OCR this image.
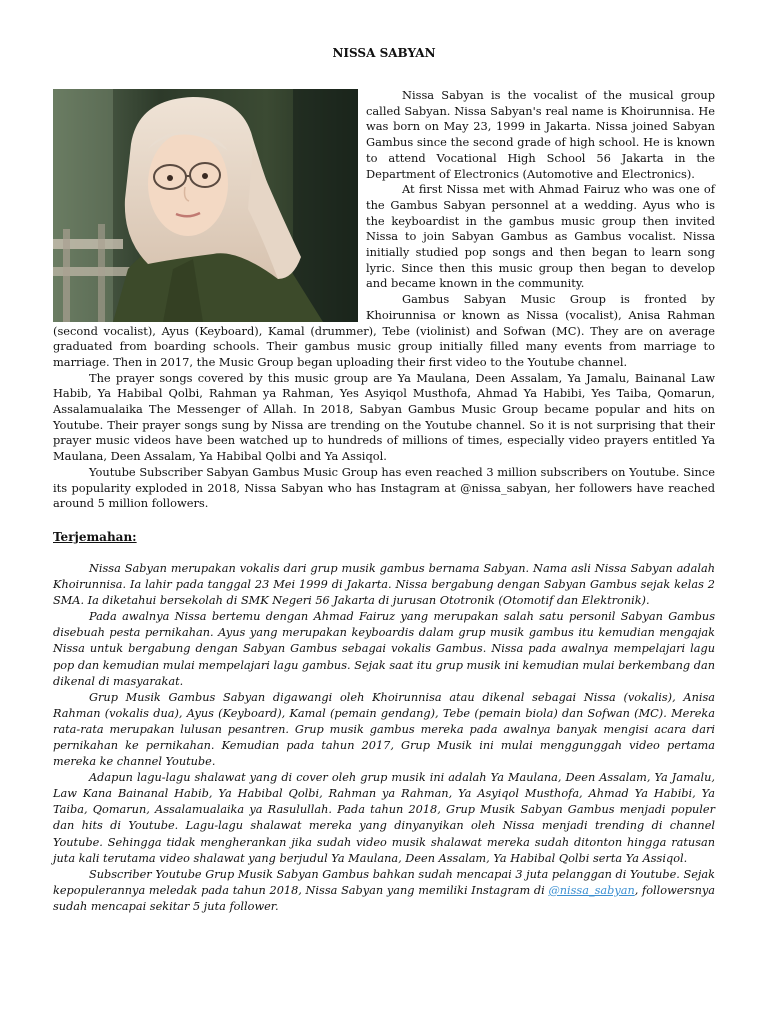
NISSA SABYAN

Nissa Sabyan is the vocalist of the musical group called Sabyan. Nissa Sabyan's real name is Khoirunnisa. He was born on May 23, 1999 in Jakarta. Nissa joined Sabyan Gambus since the second grade of high school. He is known to attend Vocational High School 56 Jakarta in the Department of Electronics (Automotive and Electronics).

At first Nissa met with Ahmad Fairuz who was one of the Gambus Sabyan personnel at a wedding. Ayus who is the keyboardist in the gambus music group then invited Nissa to join Sabyan Gambus as Gambus vocalist. Nissa initially studied pop songs and then began to learn song lyric. Since then this music group then began to develop and became known in the community.

Gambus Sabyan Music Group is fronted by Khoirunnisa or known as Nissa (vocalist), Anisa Rahman (second vocalist), Ayus (Keyboard), Kamal (drummer), Tebe (violinist) and Sofwan (MC). They are on average graduated from boarding schools. Their gambus music group initially filled many events from marriage to marriage. Then in 2017, the Music Group began uploading their first video to the Youtube channel.

The prayer songs covered by this music group are Ya Maulana, Deen Assalam, Ya Jamalu, Bainanal Law Habib, Ya Habibal Qolbi, Rahman ya Rahman, Yes Asyiqol Musthofa, Ahmad Ya Habibi, Yes Taiba, Qomarun, Assalamualaika The Messenger of Allah. In 2018, Sabyan Gambus Music Group became popular and hits on Youtube. Their prayer songs sung by Nissa are trending on the Youtube channel. So it is not surprising that their prayer music videos have been watched up to hundreds of millions of times, especially video prayers entitled Ya Maulana, Deen Assalam, Ya Habibal Qolbi and Ya Assiqol.

Youtube Subscriber Sabyan Gambus Music Group has even reached 3 million subscribers on Youtube. Since its popularity exploded in 2018, Nissa Sabyan who has Instagram at @nissa_sabyan, her followers have reached around 5 million followers.

Terjemahan:

Nissa Sabyan merupakan vokalis dari grup musik gambus bernama Sabyan. Nama asli Nissa Sabyan adalah Khoirunnisa. Ia lahir pada tanggal 23 Mei 1999 di Jakarta. Nissa bergabung dengan Sabyan Gambus sejak kelas 2 SMA. Ia diketahui bersekolah di SMK Negeri 56 Jakarta di jurusan Ototronik (Otomotif dan Elektronik).

Pada awalnya Nissa bertemu dengan Ahmad Fairuz yang merupakan salah satu personil Sabyan Gambus disebuah pesta pernikahan. Ayus yang merupakan keyboardis dalam grup musik gambus itu kemudian mengajak Nissa untuk bergabung dengan Sabyan Gambus sebagai vokalis Gambus. Nissa pada awalnya mempelajari lagu pop dan kemudian mulai mempelajari lagu gambus. Sejak saat itu grup musik ini kemudian mulai berkembang dan dikenal di masyarakat.

Grup Musik Gambus Sabyan digawangi oleh Khoirunnisa atau dikenal sebagai Nissa (vokalis), Anisa Rahman (vokalis dua), Ayus (Keyboard), Kamal (pemain gendang), Tebe (pemain biola) dan Sofwan (MC). Mereka rata-rata merupakan lulusan pesantren. Grup musik gambus mereka pada awalnya banyak mengisi acara dari pernikahan ke pernikahan. Kemudian pada tahun 2017, Grup Musik ini mulai menggunggah video pertama mereka ke channel Youtube.

Adapun lagu-lagu shalawat yang di cover oleh grup musik ini adalah Ya Maulana, Deen Assalam, Ya Jamalu, Law Kana Bainanal Habib, Ya Habibal Qolbi, Rahman ya Rahman, Ya Asyiqol Musthofa, Ahmad Ya Habibi, Ya Taiba, Qomarun, Assalamualaika ya Rasulullah. Pada tahun 2018, Grup Musik Sabyan Gambus menjadi populer dan hits di Youtube. Lagu-lagu shalawat mereka yang dinyanyikan oleh Nissa menjadi trending di channel Youtube. Sehingga tidak mengherankan jika sudah video musik shalawat mereka sudah ditonton hingga ratusan juta kali terutama video shalawat yang berjudul Ya Maulana, Deen Assalam, Ya Habibal Qolbi serta Ya Assiqol.

Subscriber Youtube Grup Musik Sabyan Gambus bahkan sudah mencapai 3 juta pelanggan di Youtube. Sejak kepopulerannya meledak pada tahun 2018, Nissa Sabyan yang memiliki Instagram di @nissa_sabyan, followersnya sudah mencapai sekitar 5 juta follower.
